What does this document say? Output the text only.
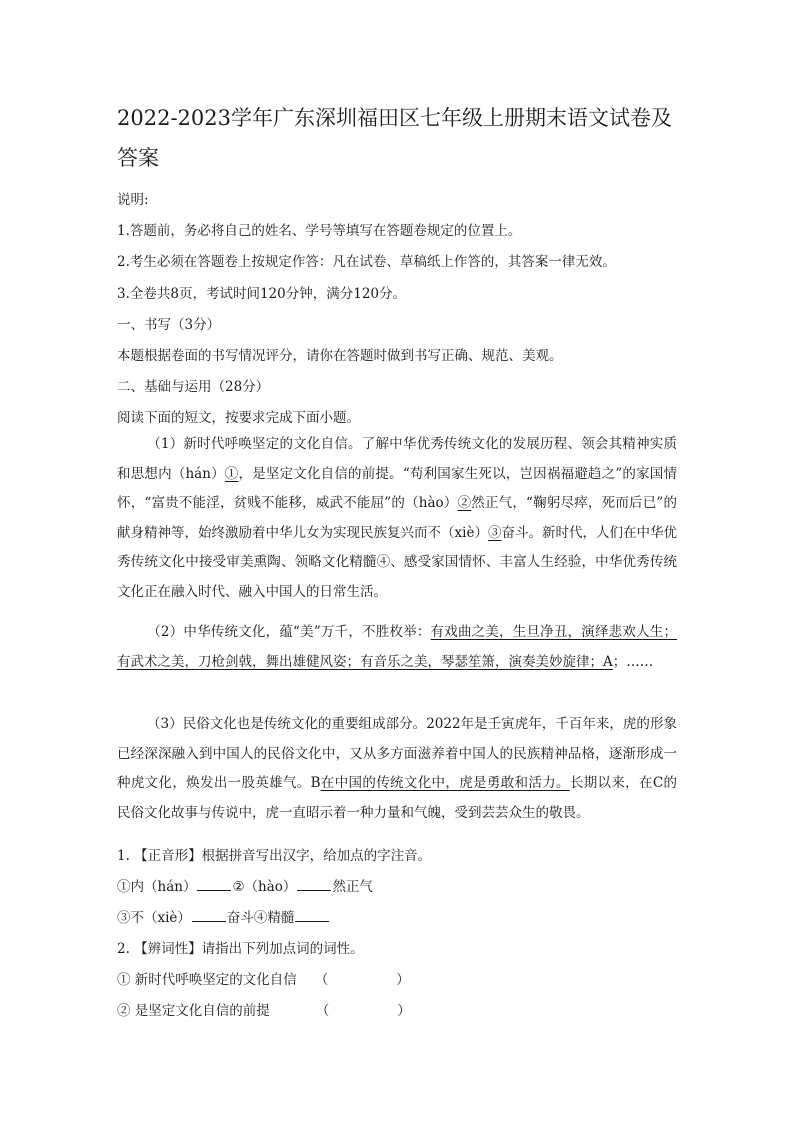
2022-2023学年广东深圳福田区七年级上册期末语文试卷及
答案
说明:
1.答题前，务必将自己的姓名、学号等填写在答题卷规定的位置上。
2.考生必须在答题卷上按规定作答：凡在试卷、草稿纸上作答的，其答案一律无效。
3.全卷共8页，考试时间120分钟，满分120分。
一、书写（3分）
本题根据卷面的书写情况评分，请你在答题时做到书写正确、规范、美观。
二、基础与运用（28分）
阅读下面的短文，按要求完成下面小题。
（1）新时代呼唤坚定的文化自信。了解中华优秀传统文化的发展历程、领会其精神实质和思想内（hán）①，是坚定文化自信的前提。“苟利国家生死以，岂因祸福避趋之”的家国情怀，“富贵不能淫，贫贱不能移，威武不能屈”的（hào）②然正气，“鞠躬尽瘁，死而后已”的献身精神等，始终激励着中华儿女为实现民族复兴而不（xiè）③奋斗。新时代，人们在中华优秀传统文化中接受审美熏陶、领略文化精髓④、感受家国情怀、丰富人生经验，中华优秀传统文化正在融入时代、融入中国人的日常生活。
（2）中华传统文化，蕴“美”万千，不胜枚举：有戏曲之美，生旦净丑，演绎悲欢人生；有武术之美，刀枪剑戟，舞出雄健风姿；有音乐之美，琴瑟笙箫，演奏美妙旋律；A；……
（3）民俗文化也是传统文化的重要组成部分。2022年是壬寅虎年，千百年来，虎的形象已经深深融入到中国人的民俗文化中，又从多方面滋养着中国人的民族精神品格，逐渐形成一种虎文化，焕发出一股英雄气。B在中国的传统文化中，虎是勇敢和活力。长期以来，在C的民俗文化故事与传说中，虎一直昭示着一种力量和气魄，受到芸芸众生的敬畏。
1. 【正音形】根据拼音写出汉字，给加点的字注音。
①内（hán）	②（hào）	然正气
③不（xiè）	奋斗④精髓
2. 【辨词性】请指出下列加点词的词性。
① 新时代呼唤坚定的文化自信 （	）
② 是坚定文化自信的前提	（	）
